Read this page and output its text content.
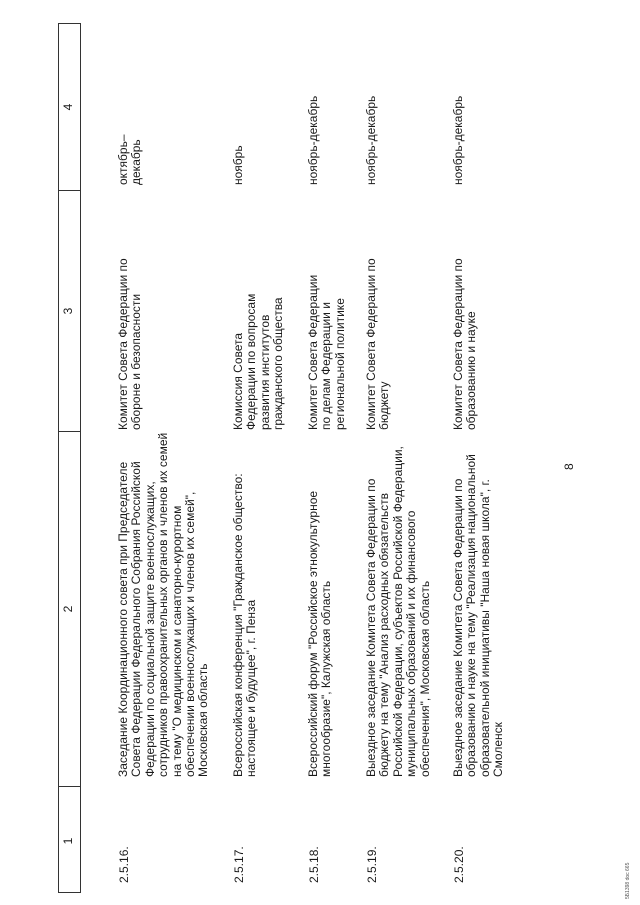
8
1
2
3
4
2.5.16.

Заседание Координационного совета при Председателе Совета Федерации Федерального Собрания Российской Федерации по социальной защите военнослужащих, сотрудников правоохранительных органов и членов их семей на тему "О медицинском и санаторно-курортном обеспечении военнослужащих и членов их семей", Московская область

Комитет Совета Федерации по обороне и безопасности

октябрь– декабрь

2.5.17.

Всероссийская конференция "Гражданское общество: настоящее и будущее", г. Пенза

Комиссия Совета Федерации по вопросам развития институтов гражданского общества

ноябрь

2.5.18.

Всероссийский форум "Российское этнокультурное многообразие", Калужская область

Комитет Совета Федерации по делам Федерации и региональной политике

ноябрь-декабрь

2.5.19.

Выездное заседание Комитета Совета Федерации по бюджету на тему "Анализ расходных обязательств Российской Федерации, субъектов Российской Федерации, муниципальных образований и их финансового обеспечения", Московская область

Комитет Совета Федерации по бюджету

ноябрь-декабрь

2.5.20.

Выездное заседание Комитета Совета Федерации по образованию и науке на тему "Реализация национальной образовательной инициативы "Наша новая школа", г. Смоленск

Комитет Совета Федерации по образованию и науке

ноябрь-декабрь

5Б1398 doc 665
